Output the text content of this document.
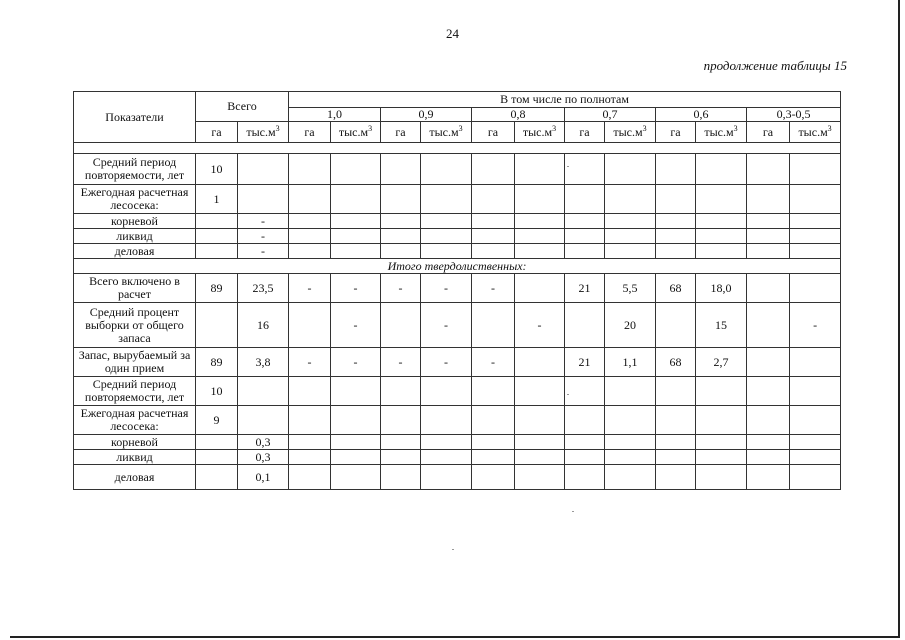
24
продолжение таблицы 15
Показатели	Всего		В том числе по полнотам											
			1,0		0,9		0,8		0,7		0,6		0,3-0,5	
	га	$тыс.м^3$	га	$тыс.м^3$	га	$тыс.м^3$	га	$тыс.м^3$	га	$тыс.м^3$	га	$тыс.м^3$	га	$тыс.м^3$

Средний период повторяемости, лет	10													
Ежегодная расчетная лесосека:	1													
корневой		-												
ликвид		-												
деловая		-												
Итого твердолиственных:														
Всего включено в расчет	89	23,5	-	-	-	-	-		21	5,5	68	18,0		
Средний процент выборки от общего запаса		16		-		-		-		20		15		-
Запас, вырубаемый за один прием	89	3,8	-	-	-	-	-		21	1,1	68	2,7		
Средний период повторяемости, лет	10													
Ежегодная расчетная лесосека:	9													
корневой		0,3												
ликвид		0,3												
деловая		0,1												
